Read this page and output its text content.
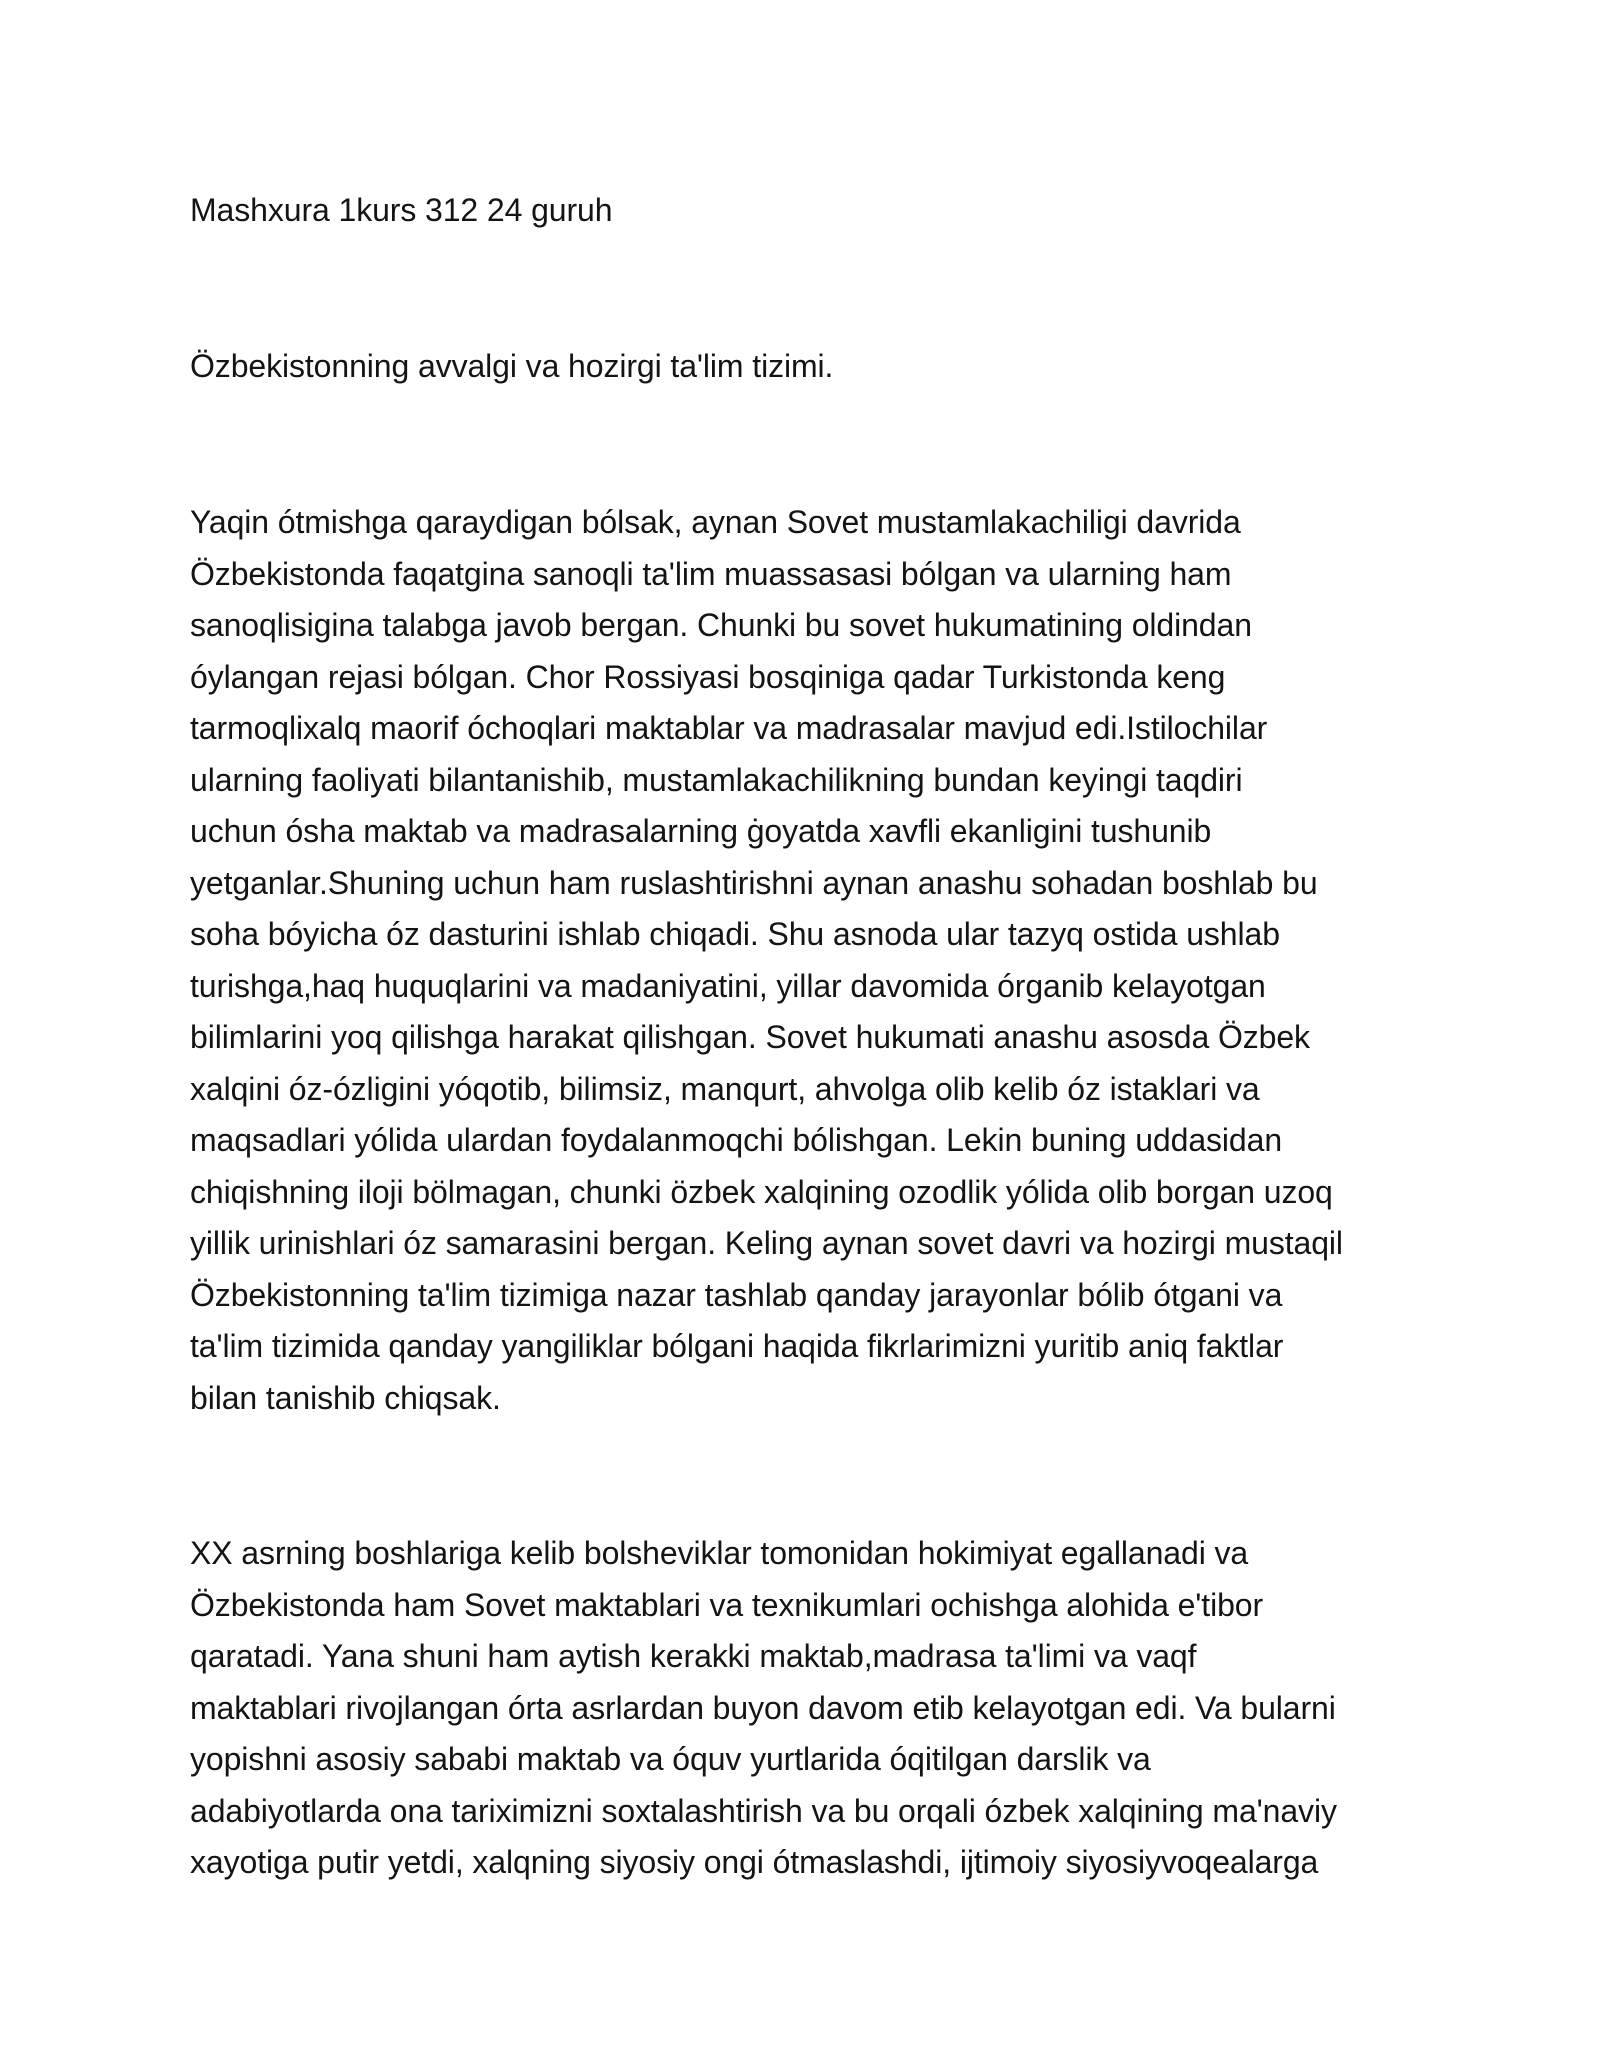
Mashxura 1kurs 312 24 guruh

Özbekistonning avvalgi va hozirgi ta'lim tizimi.

Yaqin ótmishga qaraydigan bólsak, aynan Sovet mustamlakachiligi davrida

Özbekistonda faqatgina sanoqli ta'lim muassasasi bólgan va ularning ham

sanoqlisigina talabga javob bergan. Chunki bu sovet hukumatining oldindan

óylangan rejasi bólgan. Chor Rossiyasi bosqiniga qadar Turkistonda keng

tarmoqlixalq maorif óchoqlari maktablar va madrasalar mavjud edi.Istilochilar

ularning faoliyati bilantanishib, mustamlakachilikning bundan keyingi taqdiri

uchun ósha maktab va madrasalarning ġoyatda xavfli ekanligini tushunib

yetganlar.Shuning uchun ham ruslashtirishni aynan anashu sohadan boshlab bu

soha bóyicha óz dasturini ishlab chiqadi. Shu asnoda ular tazyq ostida ushlab

turishga,haq huquqlarini va madaniyatini, yillar davomida órganib kelayotgan

bilimlarini yoq qilishga harakat qilishgan. Sovet hukumati anashu asosda Özbek

xalqini óz-ózligini yóqotib, bilimsiz, manqurt, ahvolga olib kelib óz istaklari va

maqsadlari yólida ulardan foydalanmoqchi bólishgan. Lekin buning uddasidan

chiqishning iloji bölmagan, chunki özbek xalqining ozodlik yólida olib borgan uzoq

yillik urinishlari óz samarasini bergan. Keling aynan sovet davri va hozirgi mustaqil

Özbekistonning ta'lim tizimiga nazar tashlab qanday jarayonlar bólib ótgani va

ta'lim tizimida qanday yangiliklar bólgani haqida fikrlarimizni yuritib aniq faktlar

bilan tanishib chiqsak.

XX asrning boshlariga kelib bolsheviklar tomonidan hokimiyat egallanadi va

Özbekistonda ham Sovet maktablari va texnikumlari ochishga alohida e'tibor

qaratadi. Yana shuni ham aytish kerakki maktab,madrasa ta'limi va vaqf

maktablari rivojlangan órta asrlardan buyon davom etib kelayotgan edi. Va bularni

yopishni asosiy sababi maktab va óquv yurtlarida óqitilgan darslik va

adabiyotlarda ona tariximizni soxtalashtirish va bu orqali ózbek xalqining ma'naviy

xayotiga putir yetdi, xalqning siyosiy ongi ótmaslashdi, ijtimoiy siyosiyvoqealarga
